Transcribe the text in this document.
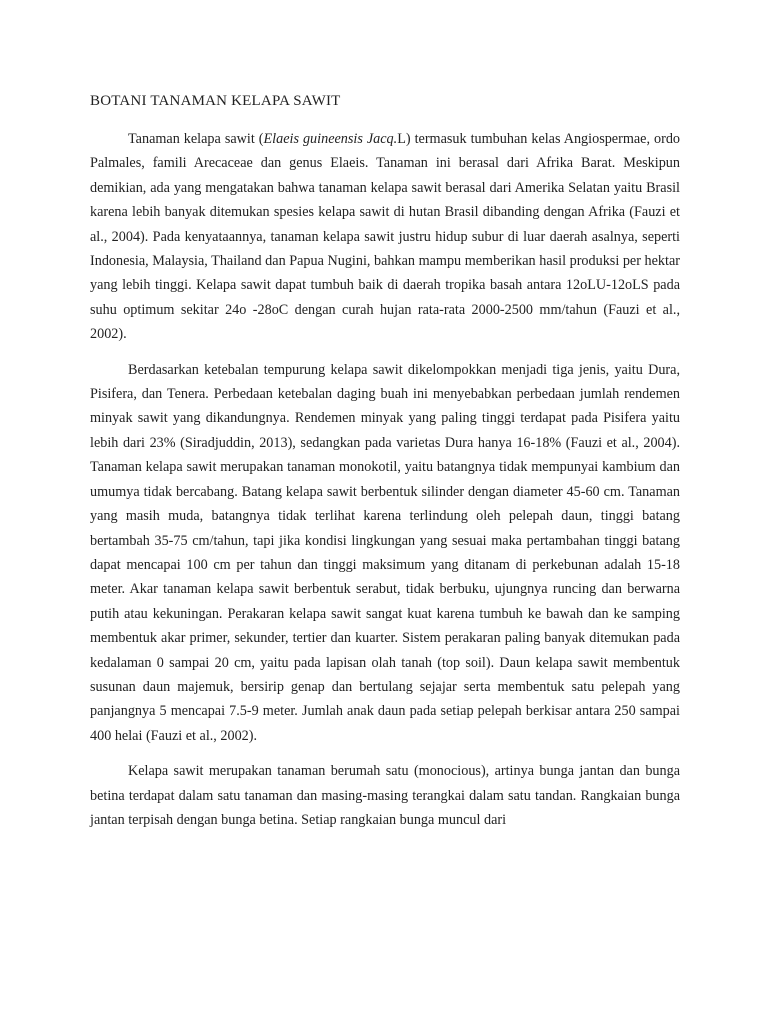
BOTANI TANAMAN KELAPA SAWIT

Tanaman kelapa sawit (Elaeis guineensis Jacq.L) termasuk tumbuhan kelas Angiospermae, ordo Palmales, famili Arecaceae dan genus Elaeis. Tanaman ini berasal dari Afrika Barat. Meskipun demikian, ada yang mengatakan bahwa tanaman kelapa sawit berasal dari Amerika Selatan yaitu Brasil karena lebih banyak ditemukan spesies kelapa sawit di hutan Brasil dibanding dengan Afrika (Fauzi et al., 2004). Pada kenyataannya, tanaman kelapa sawit justru hidup subur di luar daerah asalnya, seperti Indonesia, Malaysia, Thailand dan Papua Nugini, bahkan mampu memberikan hasil produksi per hektar yang lebih tinggi. Kelapa sawit dapat tumbuh baik di daerah tropika basah antara 12oLU-12oLS pada suhu optimum sekitar 24o -28oC dengan curah hujan rata-rata 2000-2500 mm/tahun (Fauzi et al., 2002).

Berdasarkan ketebalan tempurung kelapa sawit dikelompokkan menjadi tiga jenis, yaitu Dura, Pisifera, dan Tenera. Perbedaan ketebalan daging buah ini menyebabkan perbedaan jumlah rendemen minyak sawit yang dikandungnya. Rendemen minyak yang paling tinggi terdapat pada Pisifera yaitu lebih dari 23% (Siradjuddin, 2013), sedangkan pada varietas Dura hanya 16-18% (Fauzi et al., 2004). Tanaman kelapa sawit merupakan tanaman monokotil, yaitu batangnya tidak mempunyai kambium dan umumya tidak bercabang. Batang kelapa sawit berbentuk silinder dengan diameter 45-60 cm. Tanaman yang masih muda, batangnya tidak terlihat karena terlindung oleh pelepah daun, tinggi batang bertambah 35-75 cm/tahun, tapi jika kondisi lingkungan yang sesuai maka pertambahan tinggi batang dapat mencapai 100 cm per tahun dan tinggi maksimum yang ditanam di perkebunan adalah 15-18 meter. Akar tanaman kelapa sawit berbentuk serabut, tidak berbuku, ujungnya runcing dan berwarna putih atau kekuningan. Perakaran kelapa sawit sangat kuat karena tumbuh ke bawah dan ke samping membentuk akar primer, sekunder, tertier dan kuarter. Sistem perakaran paling banyak ditemukan pada kedalaman 0 sampai 20 cm, yaitu pada lapisan olah tanah (top soil). Daun kelapa sawit membentuk susunan daun majemuk, bersirip genap dan bertulang sejajar serta membentuk satu pelepah yang panjangnya 5 mencapai 7.5-9 meter. Jumlah anak daun pada setiap pelepah berkisar antara 250 sampai 400 helai (Fauzi et al., 2002).

Kelapa sawit merupakan tanaman berumah satu (monocious), artinya bunga jantan dan bunga betina terdapat dalam satu tanaman dan masing-masing terangkai dalam satu tandan. Rangkaian bunga jantan terpisah dengan bunga betina. Setiap rangkaian bunga muncul dari
